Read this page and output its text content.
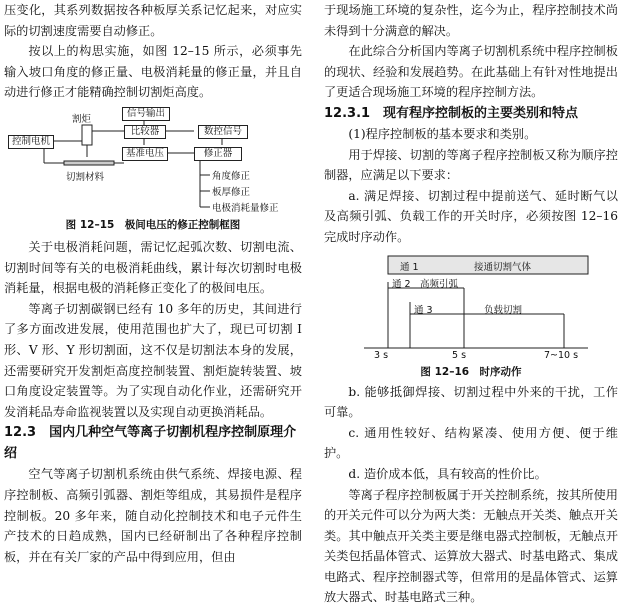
压变化，其系列数据按各种板厚关系记忆起来，对应实际的切割速度需要自动修正。

按以上的构思实施，如图 12–15 所示，必须事先输入坡口角度的修正量、电极消耗量的修正量，并且自动进行修正才能精确控制切割炬高度。

信号输出
割炬
比较器	数控信号
控制电机
基准电压	修正器
切割材料	角度修正
板厚修正
电极消耗量修正

图 12–15　极间电压的修正控制框图

关于电极消耗问题，需记忆起弧次数、切割电流、切割时间等有关的电极消耗曲线，累计每次切割时电极消耗量，根据电极的消耗修正变化了的极间电压。

等离子切割碳钢已经有 10 多年的历史，其间进行了多方面改进发展，使用范围也扩大了，现已可切割 I 形、V 形、Y 形切割面，这不仅是切割法本身的发展，还需要研究开发割炬高度控制装置、割炬旋转装置、坡口角度设定装置等。为了实现自动化作业，还需研究开发消耗品寿命监视装置以及实现自动更换消耗品。

12.3　国内几种空气等离子切割机程序控制原理介绍

空气等离子切割机系统由供气系统、焊接电源、程序控制板、高频引弧器、割炬等组成，其易损件是程序控制板。20 多年来，随自动化控制技术和电子元件生产技术的日趋成熟，国内已经研制出了各种程序控制板，并在有关厂家的产品中得到应用，但由

于现场施工环境的复杂性，迄今为止，程序控制技术尚未得到十分满意的解决。

在此综合分析国内等离子切割机系统中程序控制板的现状、经验和发展趋势。在此基础上有针对性地提出了更适合现场施工环境的程序控制方法。

12.3.1　现有程序控制板的主要类别和特点

(1)程序控制板的基本要求和类别。

用于焊接、切割的等离子程序控制板又称为顺序控制器，应满足以下要求：

a. 满足焊接、切割过程中提前送气、延时断气以及高频引弧、负载工作的开关时序，必须按图 12–16 完成时序动作。

通 1	接通切割气体
通 2 高频引弧
通 3	负载切割
3 s	5 s	7~10 s

图 12–16　时序动作

b. 能够抵御焊接、切割过程中外来的干扰，工作可靠。

c. 通用性较好、结构紧凑、使用方便、便于维护。

d. 造价成本低，具有较高的性价比。

等离子程序控制板属于开关控制系统，按其所使用的开关元件可以分为两大类：无触点开关类、触点开关类。其中触点开关类主要是继电器式控制板，无触点开关类包括晶体管式、运算放大器式、时基电路式、集成电路式、程序控制器式等，但常用的是晶体管式、运算放大器式、时基电路式三种。
